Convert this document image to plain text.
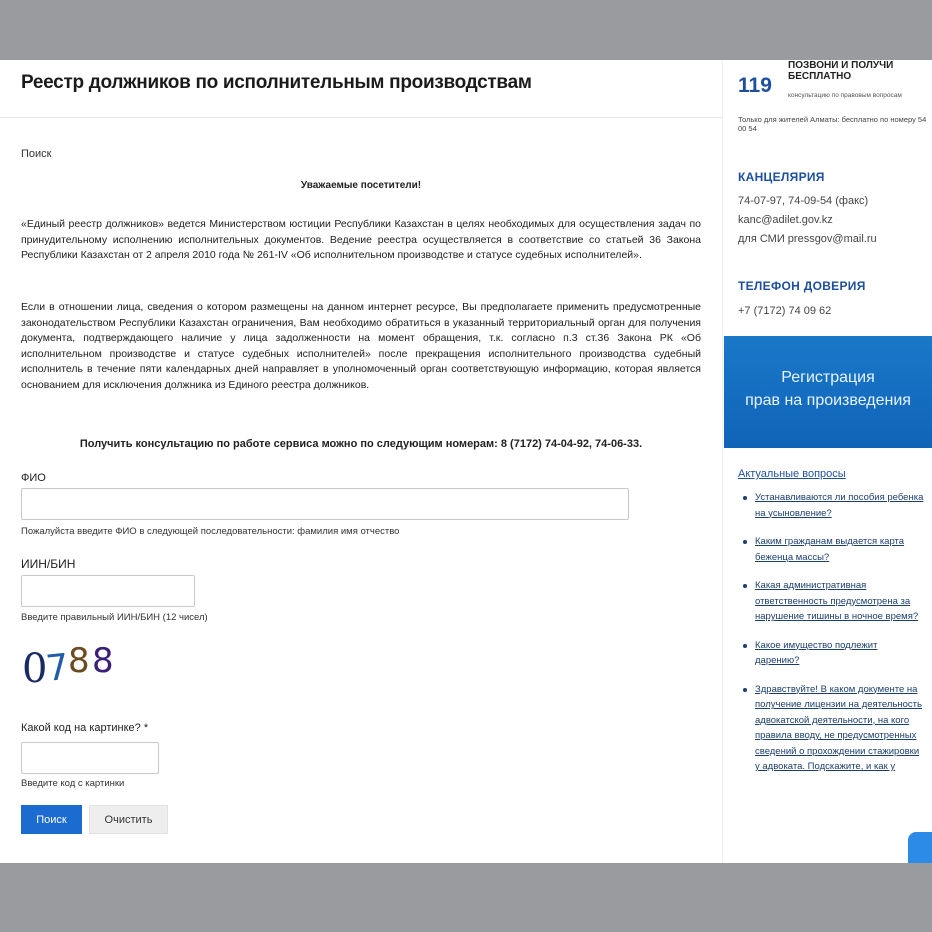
Реестр должников по исполнительным производствам
Поиск
Уважаемые посетители!

«Единый реестр должников» ведется Министерством юстиции Республики Казахстан в целях необходимых для осуществления задач по принудительному исполнению исполнительных документов. Ведение реестра осуществляется в соответствие со статьей 36 Закона Республики Казахстан от 2 апреля 2010 года № 261-IV «Об исполнительном производстве и статусе судебных исполнителей».

Если в отношении лица, сведения о котором размещены на данном интернет ресурсе, Вы предполагаете применить предусмотренные законодательством Республики Казахстан ограничения, Вам необходимо обратиться в указанный территориальный орган для получения документа, подтверждающего наличие у лица задолженности на момент обращения, т.к. согласно п.3 ст.36 Закона РК «Об исполнительном производстве и статусе судебных исполнителей» после прекращения исполнительного производства судебный исполнитель в течение пяти календарных дней направляет в уполномоченный орган соответствующую информацию, которая является основанием для исключения должника из Единого реестра должников.

Получить консультацию по работе сервиса можно по следующим номерам: 8 (7172) 74-04-92, 74-06-33.
ФИО
Пожалуйста введите ФИО в следующей последовательности: фамилия имя отчество
ИИН/БИН
Введите правильный ИИН/БИН (12 чисел)
0
7
8 8
Какой код на картинке? *
Введите код с картинки
Поиск	Очистить
119
ПОЗВОНИ И ПОЛУЧИ БЕСПЛАТНО
консультацию по правовым вопросам
Только для жителей Алматы: бесплатно по номеру 54 00 54
КАНЦЕЛЯРИЯ
74-07-97, 74-09-54 (факс)
kanc@adilet.gov.kz
для СМИ pressgov@mail.ru
ТЕЛЕФОН ДОВЕРИЯ
+7 (7172) 74 09 62
Регистрация
прав на произведения
Актуальные вопросы
Устанавливаются ли пособия ребенка на усыновление?
Каким гражданам выдается карта беженца массы?
Какая административная ответственность предусмотрена за нарушение тишины в ночное время?
Какое имущество подлежит дарению?
Здравствуйте! В каком документе на получение лицензии на деятельность адвокатской деятельности, на кого правила вводу, не предусмотренных сведений о прохождении стажировки у адвоката. Подскажите, и как у
